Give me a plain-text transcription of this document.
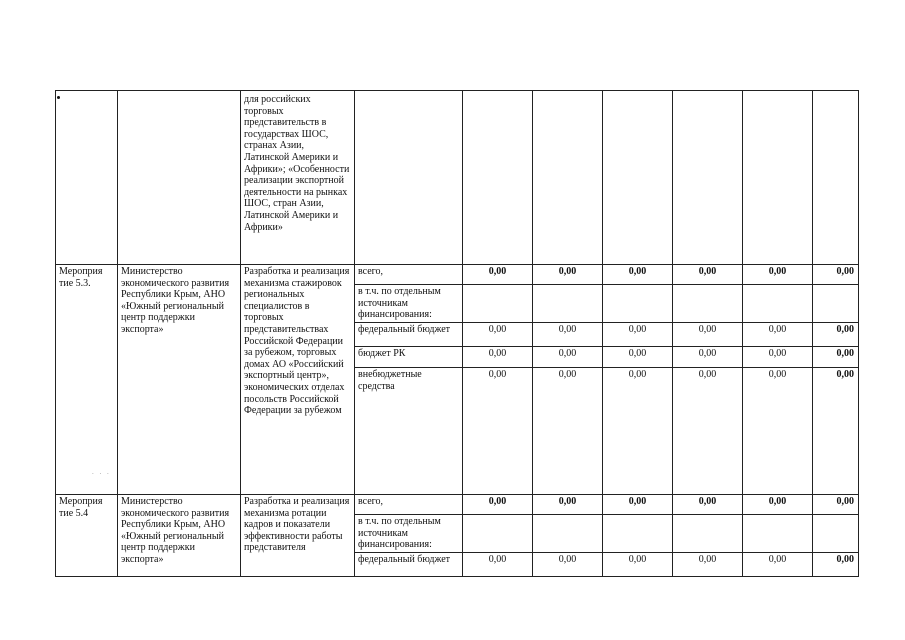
. . .
		для российских торговых представительств в государствах ШОС, странах Азии, Латинской Америки и Африки»; «Особенности реализации экспортной деятельности на рынках ШОС, стран Азии, Латинской Америки и Африки»							
Мероприя тие 5.3.	Министерство экономического развития Республики Крым, АНО «Южный региональный центр поддержки экспорта»	Разработка и реализация механизма стажировок региональных специалистов в торговых представительствах Российской Федерации за рубежом, торговых домах АО «Российский экспортный центр», экономических отделах посольств Российской Федерации за рубежом	всего,	0,00	0,00	0,00	0,00	0,00	0,00
			в т.ч. по отдельным источникам финансирования:						
			федеральный бюджет	0,00	0,00	0,00	0,00	0,00	0,00
			бюджет РК	0,00	0,00	0,00	0,00	0,00	0,00
			внебюджетные средства	0,00	0,00	0,00	0,00	0,00	0,00
Мероприя тие 5.4	Министерство экономического развития Республики Крым, АНО «Южный региональный центр поддержки экспорта»	Разработка и реализация механизма ротации кадров и показатели эффективности работы представителя	всего,	0,00	0,00	0,00	0,00	0,00	0,00
			в т.ч. по отдельным источникам финансирования:						
			федеральный бюджет	0,00	0,00	0,00	0,00	0,00	0,00
